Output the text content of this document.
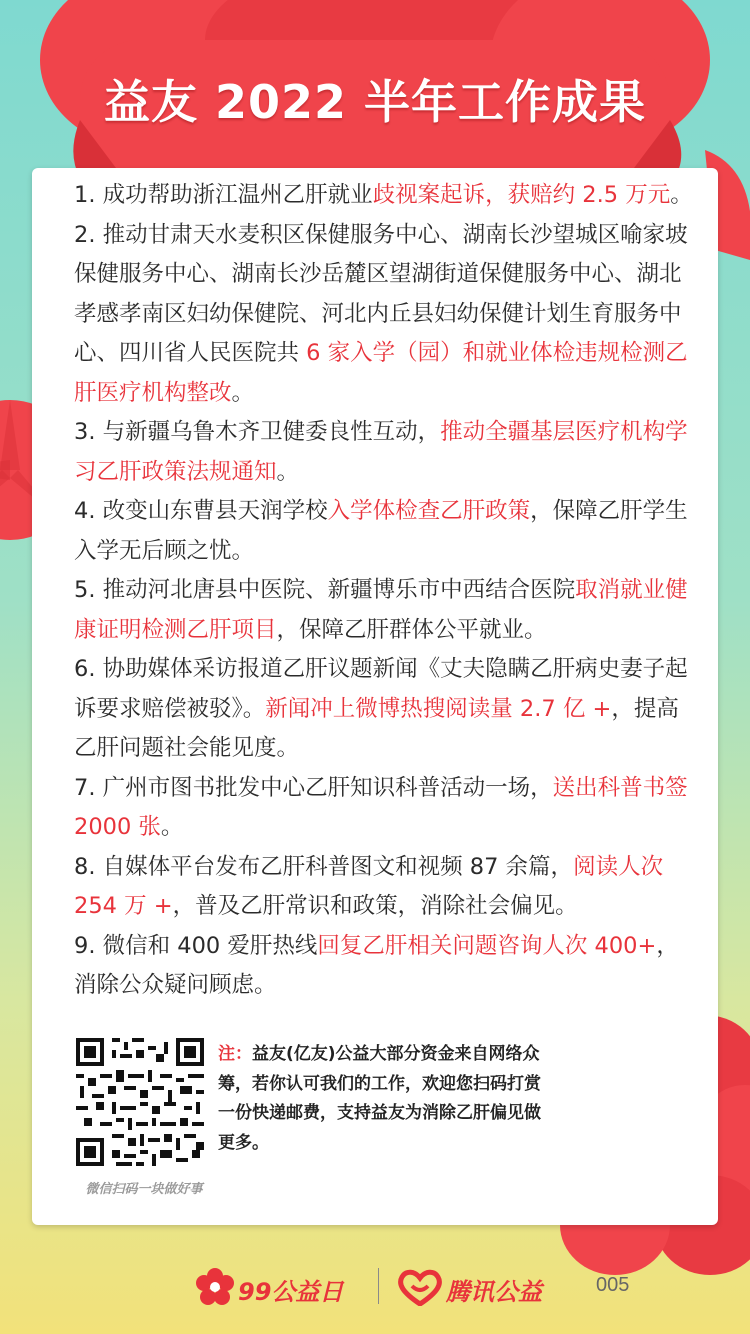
益友 2022 半年工作成果
1. 成功帮助浙江温州乙肝就业歧视案起诉，获赔约 2.5 万元。
2. 推动甘肃天水麦积区保健服务中心、湖南长沙望城区喻家坡保健服务中心、湖南长沙岳麓区望湖街道保健服务中心、湖北孝感孝南区妇幼保健院、河北内丘县妇幼保健计划生育服务中心、四川省人民医院共 6 家入学（园）和就业体检违规检测乙肝医疗机构整改。
3. 与新疆乌鲁木齐卫健委良性互动，推动全疆基层医疗机构学习乙肝政策法规通知。
4. 改变山东曹县天润学校入学体检查乙肝政策，保障乙肝学生入学无后顾之忧。
5. 推动河北唐县中医院、新疆博乐市中西结合医院取消就业健康证明检测乙肝项目，保障乙肝群体公平就业。
6. 协助媒体采访报道乙肝议题新闻《丈夫隐瞒乙肝病史妻子起诉要求赔偿被驳》。新闻冲上微博热搜阅读量 2.7 亿 +，提高乙肝问题社会能见度。
7. 广州市图书批发中心乙肝知识科普活动一场，送出科普书签 2000 张。
8. 自媒体平台发布乙肝科普图文和视频 87 余篇，阅读人次 254 万 +，普及乙肝常识和政策，消除社会偏见。
9. 微信和 400 爱肝热线回复乙肝相关问题咨询人次 400+，消除公众疑问顾虑。
微信扫码一块做好事
注：益友(亿友)公益大部分资金来自网络众筹，若你认可我们的工作，欢迎您扫码打赏一份快递邮费，支持益友为消除乙肝偏见做更多。
99公益日	腾讯公益	005
